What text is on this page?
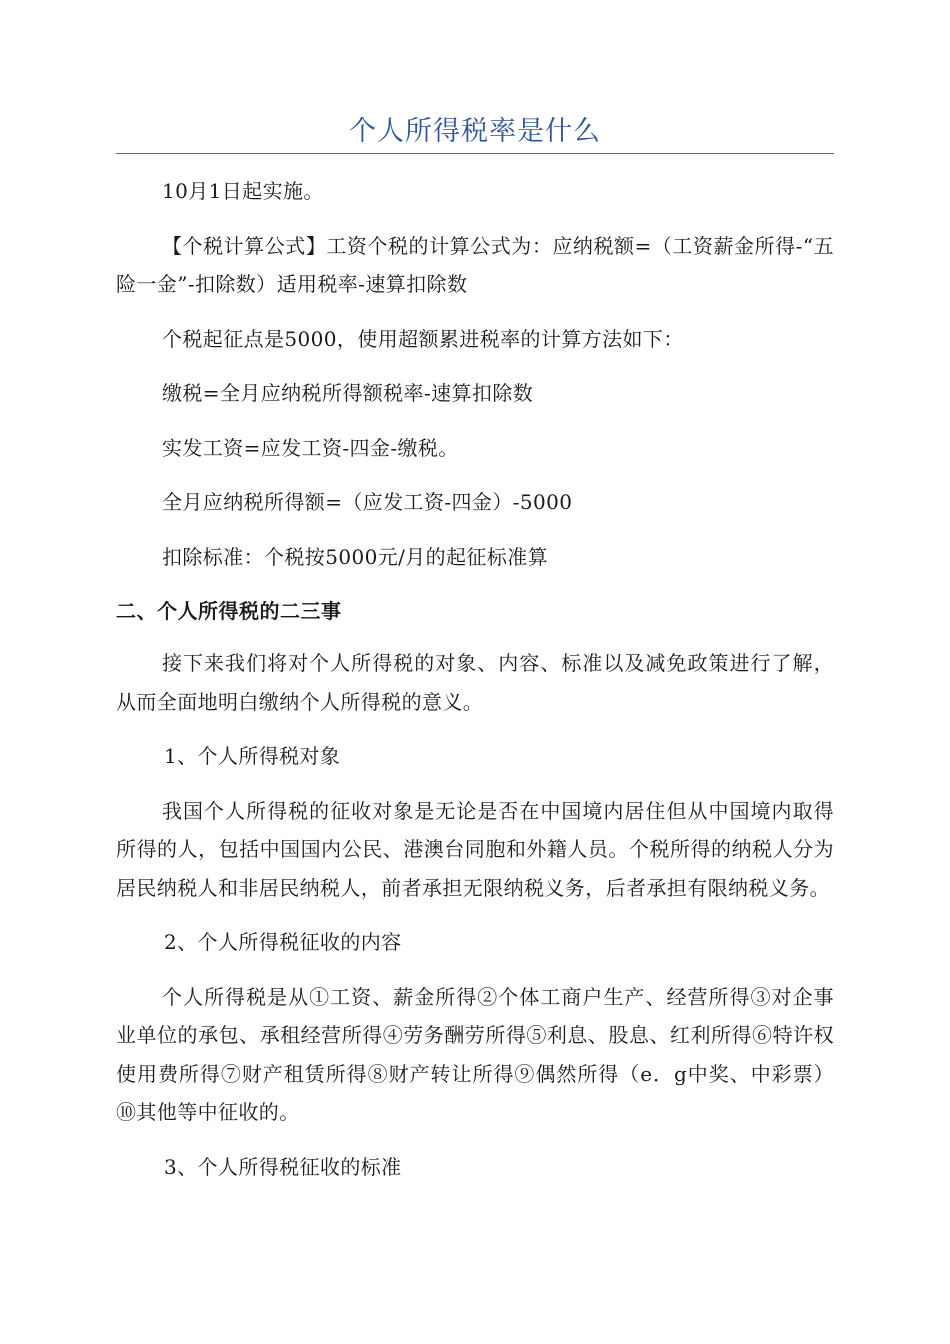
个人所得税率是什么

10月1日起实施。

【个税计算公式】工资个税的计算公式为：应纳税额=（工资薪金所得-“五险一金”-扣除数）适用税率-速算扣除数

个税起征点是5000，使用超额累进税率的计算方法如下：

缴税=全月应纳税所得额税率-速算扣除数

实发工资=应发工资-四金-缴税。

全月应纳税所得额=（应发工资-四金）-5000

扣除标准：个税按5000元/月的起征标准算

二、个人所得税的二三事

接下来我们将对个人所得税的对象、内容、标准以及减免政策进行了解，从而全面地明白缴纳个人所得税的意义。

1、个人所得税对象

我国个人所得税的征收对象是无论是否在中国境内居住但从中国境内取得所得的人，包括中国国内公民、港澳台同胞和外籍人员。个税所得的纳税人分为居民纳税人和非居民纳税人，前者承担无限纳税义务，后者承担有限纳税义务。

2、个人所得税征收的内容

个人所得税是从①工资、薪金所得②个体工商户生产、经营所得③对企事业单位的承包、承租经营所得④劳务酬劳所得⑤利息、股息、红利所得⑥特许权使用费所得⑦财产租赁所得⑧财产转让所得⑨偶然所得（e．g中奖、中彩票）⑩其他等中征收的。

3、个人所得税征收的标准
